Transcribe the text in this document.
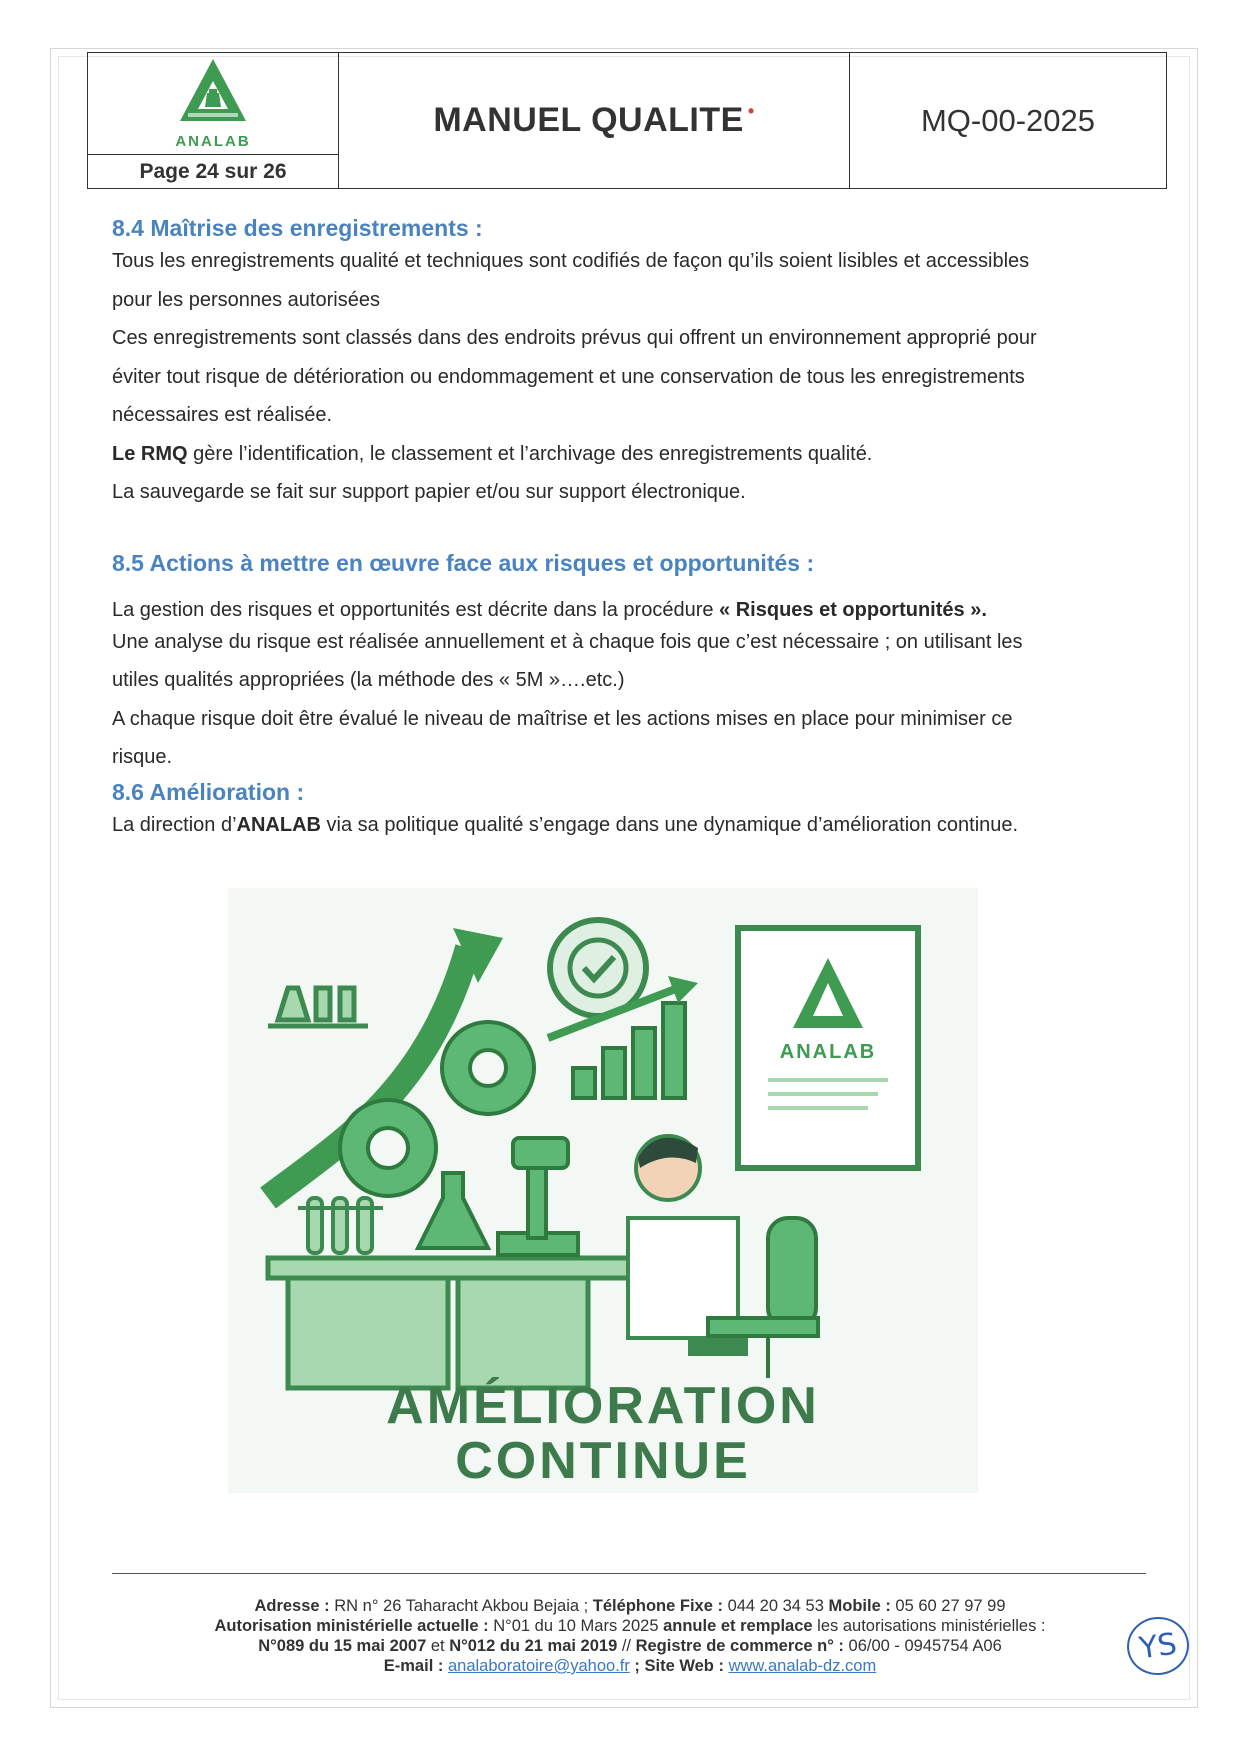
ANALAB
Page 24 sur 26
MANUEL QUALITE •	MQ-00-2025
8.4 Maîtrise des enregistrements :

Tous les enregistrements qualité et techniques sont codifiés de façon qu’ils soient lisibles et accessibles

pour les personnes autorisées

Ces enregistrements sont classés dans des endroits prévus qui offrent un environnement approprié pour

éviter tout risque de détérioration ou endommagement et une conservation de tous les enregistrements

nécessaires est réalisée.

Le RMQ gère l’identification, le classement et l’archivage des enregistrements qualité.

La sauvegarde se fait sur support papier et/ou sur support électronique.

8.5 Actions à mettre en œuvre face aux risques et opportunités :

La gestion des risques et opportunités est décrite dans la procédure « Risques et opportunités ».

Une analyse du risque est réalisée annuellement et à chaque fois que c’est nécessaire ; on utilisant les

utiles qualités appropriées (la méthode des « 5M »….etc.)

A chaque risque doit être évalué le niveau de maîtrise et les actions mises en place pour minimiser ce

risque.

8.6 Amélioration :

La direction d’ANALAB via sa politique qualité s’engage dans une dynamique d’amélioration continue.

ANALAB
AMÉLIORATION
CONTINUE
Adresse : RN n° 26 Taharacht Akbou Bejaia ; Téléphone Fixe : 044 20 34 53 Mobile : 05 60 27 97 99
Autorisation ministérielle actuelle : N°01 du 10 Mars 2025 annule et remplace les autorisations ministérielles :
N°089 du 15 mai 2007 et N°012 du 21 mai 2019 // Registre de commerce n° : 06/00 - 0945754 A06
E-mail : analaboratoire@yahoo.fr ; Site Web : www.analab-dz.com
YS
